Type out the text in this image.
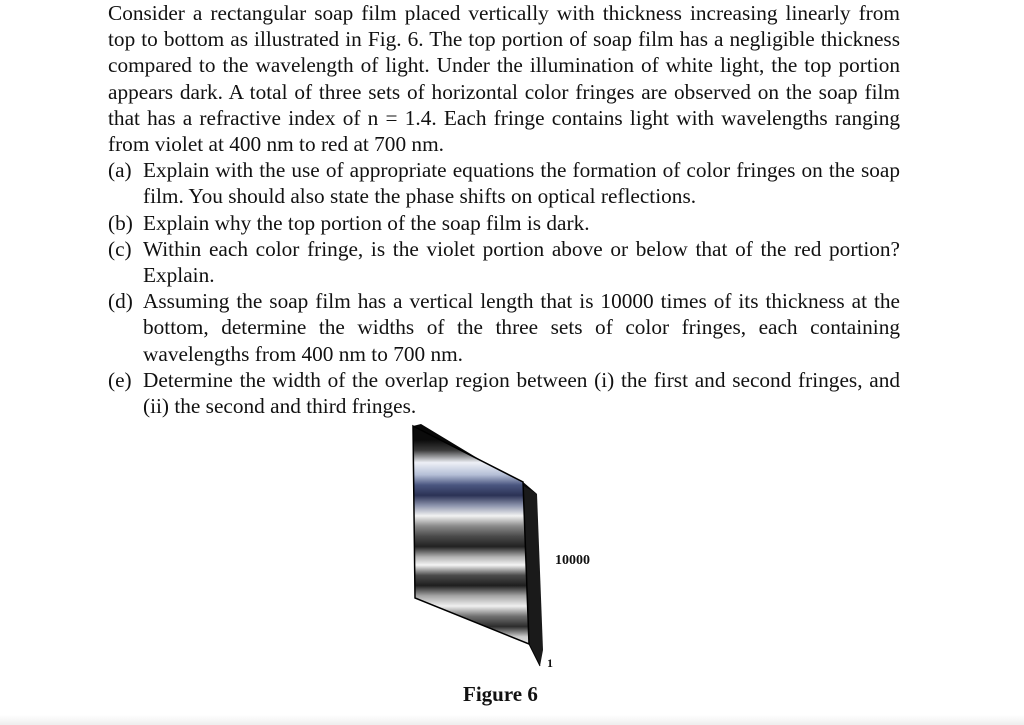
Consider a rectangular soap film placed vertically with thickness increasing linearly from top to bottom as illustrated in Fig. 6. The top portion of soap film has a negligible thickness compared to the wavelength of light. Under the illumination of white light, the top portion appears dark. A total of three sets of horizontal color fringes are observed on the soap film that has a refractive index of n = 1.4. Each fringe contains light with wavelengths ranging from violet at 400 nm to red at 700 nm.

(a) Explain with the use of appropriate equations the formation of color fringes on the soap film. You should also state the phase shifts on optical reflections.
(b) Explain why the top portion of the soap film is dark.
(c) Within each color fringe, is the violet portion above or below that of the red portion? Explain.
(d) Assuming the soap film has a vertical length that is 10000 times of its thickness at the bottom, determine the widths of the three sets of color fringes, each containing wavelengths from 400 nm to 700 nm.
(e) Determine the width of the overlap region between (i) the first and second fringes, and (ii) the second and third fringes.
10000
1
Figure 6
